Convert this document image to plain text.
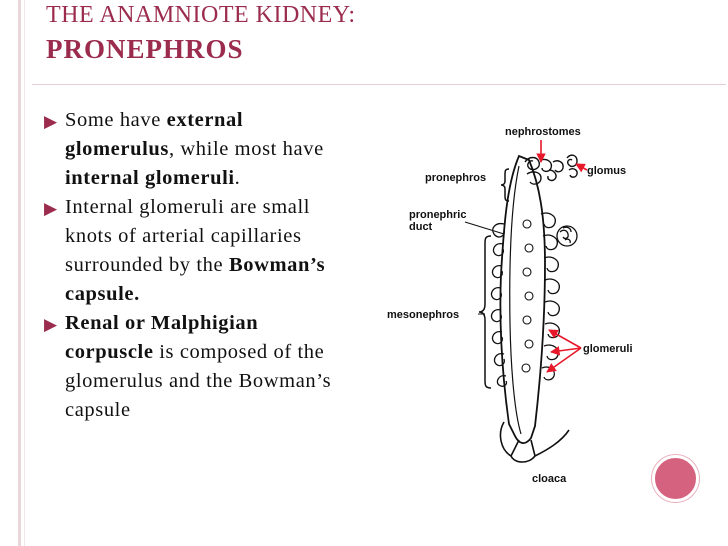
THE ANAMNIOTE KIDNEY:
PRONEPHROS
▶ Some have external glomerulus, while most have internal glomeruli.
▶ Internal glomeruli are small knots of arterial capillaries surrounded by the Bowman’s capsule.
▶ Renal or Malphigian corpuscle is composed of the glomerulus and the Bowman’s capsule
nephrostomes
pronephros
glomus
pronephric
duct
mesonephros
glomeruli
cloaca
